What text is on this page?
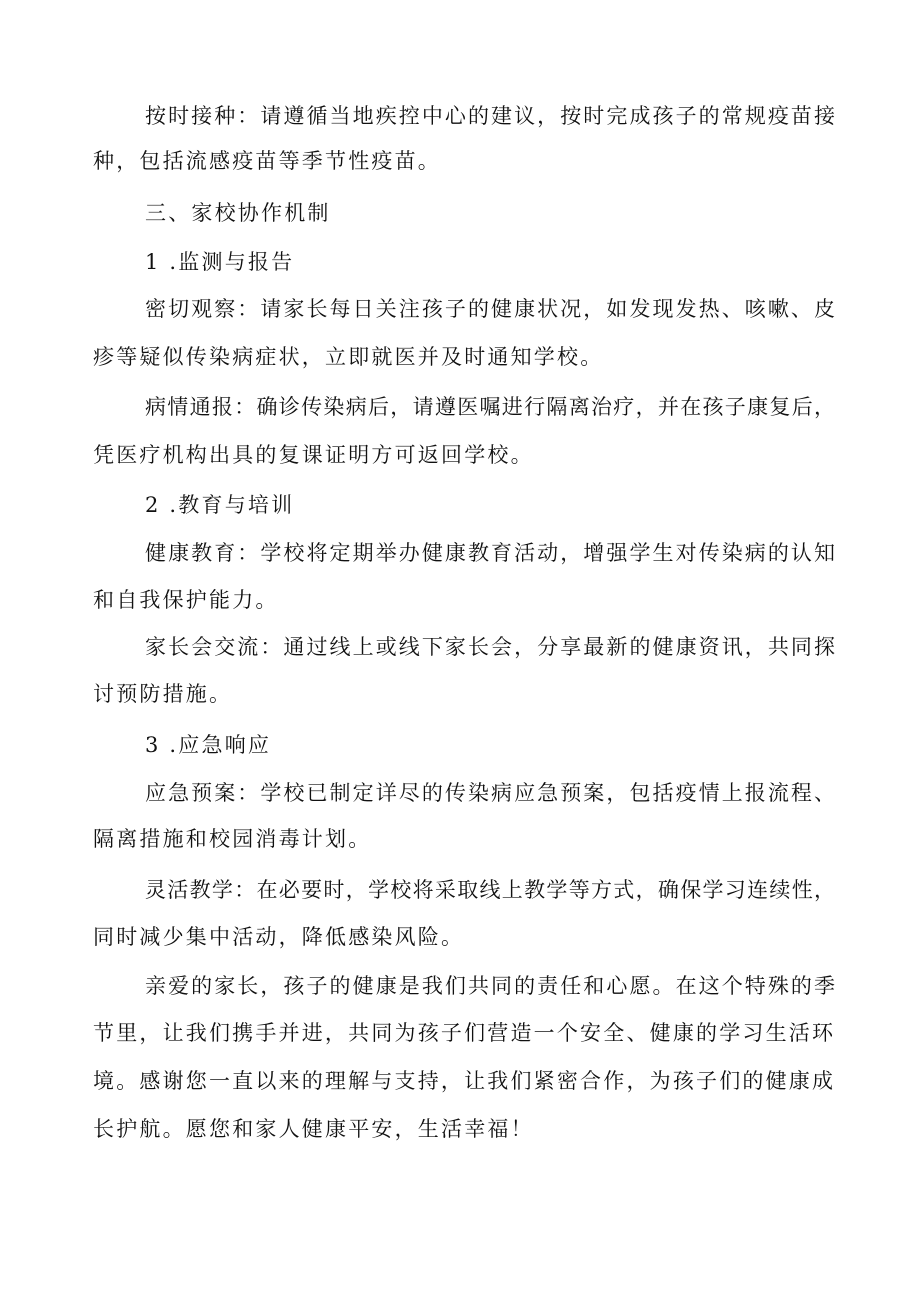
按时接种：请遵循当地疾控中心的建议，按时完成孩子的常规疫苗接
种，包括流感疫苗等季节性疫苗。
三、家校协作机制
1 .监测与报告
密切观察：请家长每日关注孩子的健康状况，如发现发热、咳嗽、皮
疹等疑似传染病症状，立即就医并及时通知学校。
病情通报：确诊传染病后，请遵医嘱进行隔离治疗，并在孩子康复后，
凭医疗机构出具的复课证明方可返回学校。
2 .教育与培训
健康教育：学校将定期举办健康教育活动，增强学生对传染病的认知
和自我保护能力。
家长会交流：通过线上或线下家长会，分享最新的健康资讯，共同探
讨预防措施。
3 .应急响应
应急预案：学校已制定详尽的传染病应急预案，包括疫情上报流程、
隔离措施和校园消毒计划。
灵活教学：在必要时，学校将采取线上教学等方式，确保学习连续性，
同时减少集中活动，降低感染风险。
亲爱的家长，孩子的健康是我们共同的责任和心愿。在这个特殊的季
节里，让我们携手并进，共同为孩子们营造一个安全、健康的学习生活环
境。感谢您一直以来的理解与支持，让我们紧密合作，为孩子们的健康成
长护航。愿您和家人健康平安，生活幸福！
